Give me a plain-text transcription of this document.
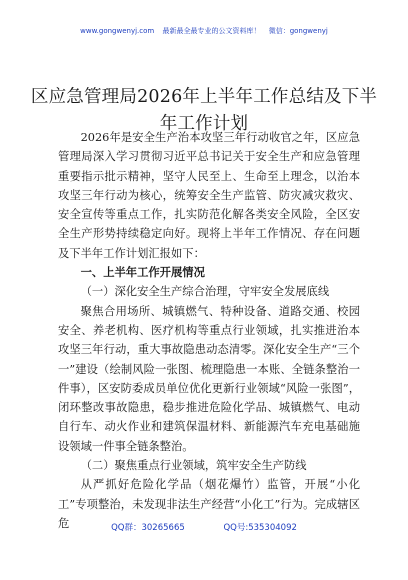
www.gongwenyj.com 最新最全最专业的公文资料库！ 微信：gongwenyj
区应急管理局2026年上半年工作总结及下半年工作计划

2026年是安全生产治本攻坚三年行动收官之年，区应急管理局深入学习贯彻习近平总书记关于安全生产和应急管理重要指示批示精神，坚守人民至上、生命至上理念，以治本攻坚三年行动为核心，统筹安全生产监管、防灾减灾救灾、安全宣传等重点工作，扎实防范化解各类安全风险，全区安全生产形势持续稳定向好。现将上半年工作情况、存在问题及下半年工作计划汇报如下：

一、上半年工作开展情况

（一）深化安全生产综合治理，守牢安全发展底线

聚焦合用场所、城镇燃气、特种设备、道路交通、校园安全、养老机构、医疗机构等重点行业领域，扎实推进治本攻坚三年行动，重大事故隐患动态清零。深化安全生产“三个一”建设（绘制风险一张图、梳理隐患一本账、全链条整治一件事），区安防委成员单位优化更新行业领域“风险一张图”，闭环整改事故隐患，稳步推进危险化学品、城镇燃气、电动自行车、动火作业和建筑保温材料、新能源汽车充电基础施设领域一件事全链条整治。

（二）聚焦重点行业领域，筑牢安全生产防线

从严抓好危险化学品（烟花爆竹）监管，开展“小化工”专项整治，未发现非法生产经营“小化工”行为。完成辖区危	QQ群：30265665	QQ号:535304092
